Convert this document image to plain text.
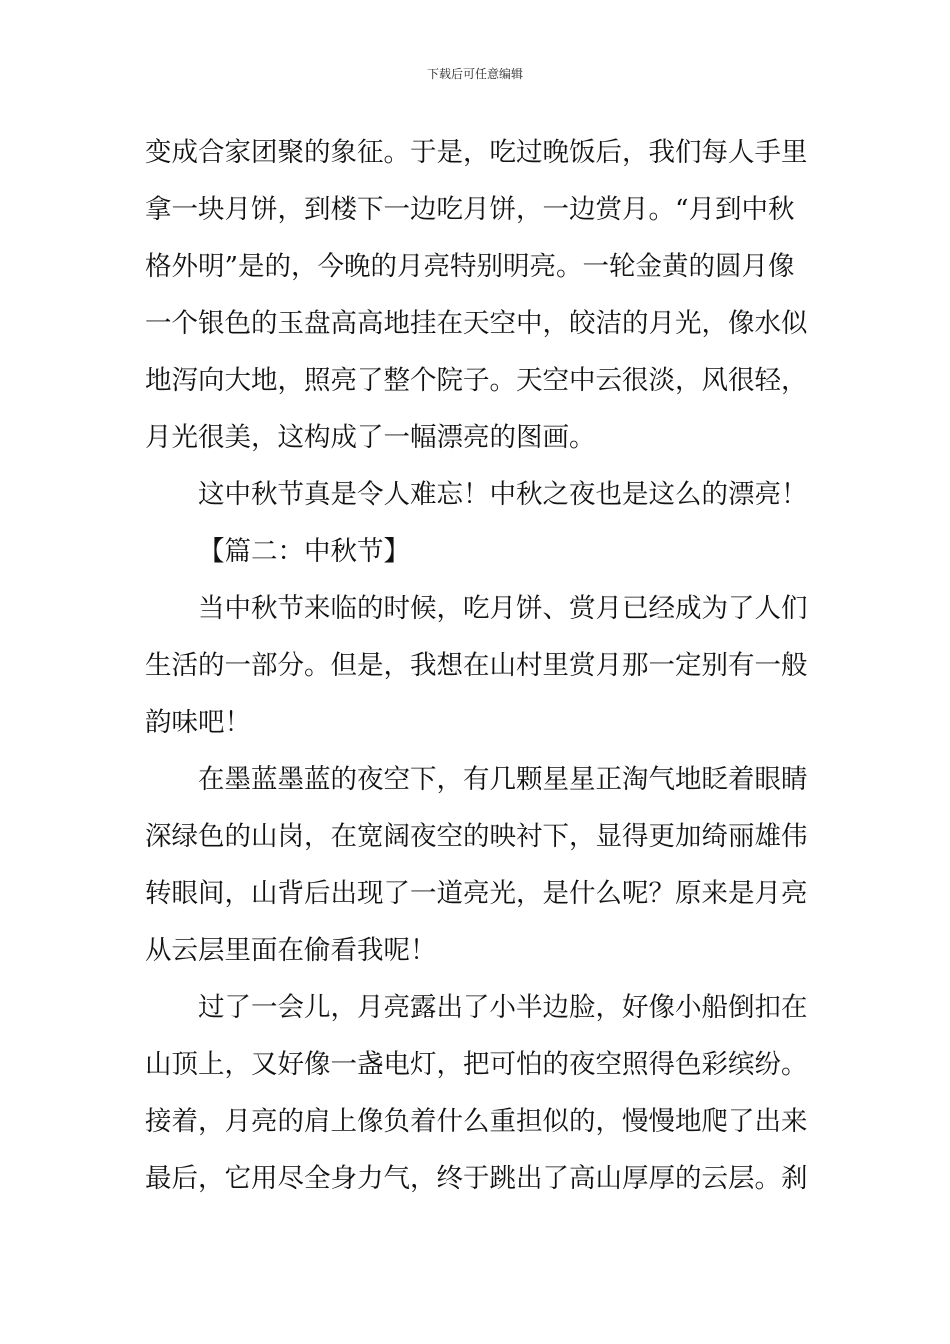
下载后可任意编辑
变成合家团聚的象征。于是，吃过晚饭后，我们每人手里
拿一块月饼，到楼下一边吃月饼，一边赏月。“月到中秋
格外明”是的，今晚的月亮特别明亮。一轮金黄的圆月像
一个银色的玉盘高高地挂在天空中，皎洁的月光，像水似
地泻向大地，照亮了整个院子。天空中云很淡，风很轻，
月光很美，这构成了一幅漂亮的图画。
这中秋节真是令人难忘！中秋之夜也是这么的漂亮！
【篇二：中秋节】
当中秋节来临的时候，吃月饼、赏月已经成为了人们
生活的一部分。但是，我想在山村里赏月那一定别有一般
韵味吧！
在墨蓝墨蓝的夜空下，有几颗星星正淘气地眨着眼睛
深绿色的山岗，在宽阔夜空的映衬下，显得更加绮丽雄伟
转眼间，山背后出现了一道亮光，是什么呢？原来是月亮
从云层里面在偷看我呢！
过了一会儿，月亮露出了小半边脸，好像小船倒扣在
山顶上，又好像一盏电灯，把可怕的夜空照得色彩缤纷。
接着，月亮的肩上像负着什么重担似的，慢慢地爬了出来
最后，它用尽全身力气，终于跳出了高山厚厚的云层。刹
